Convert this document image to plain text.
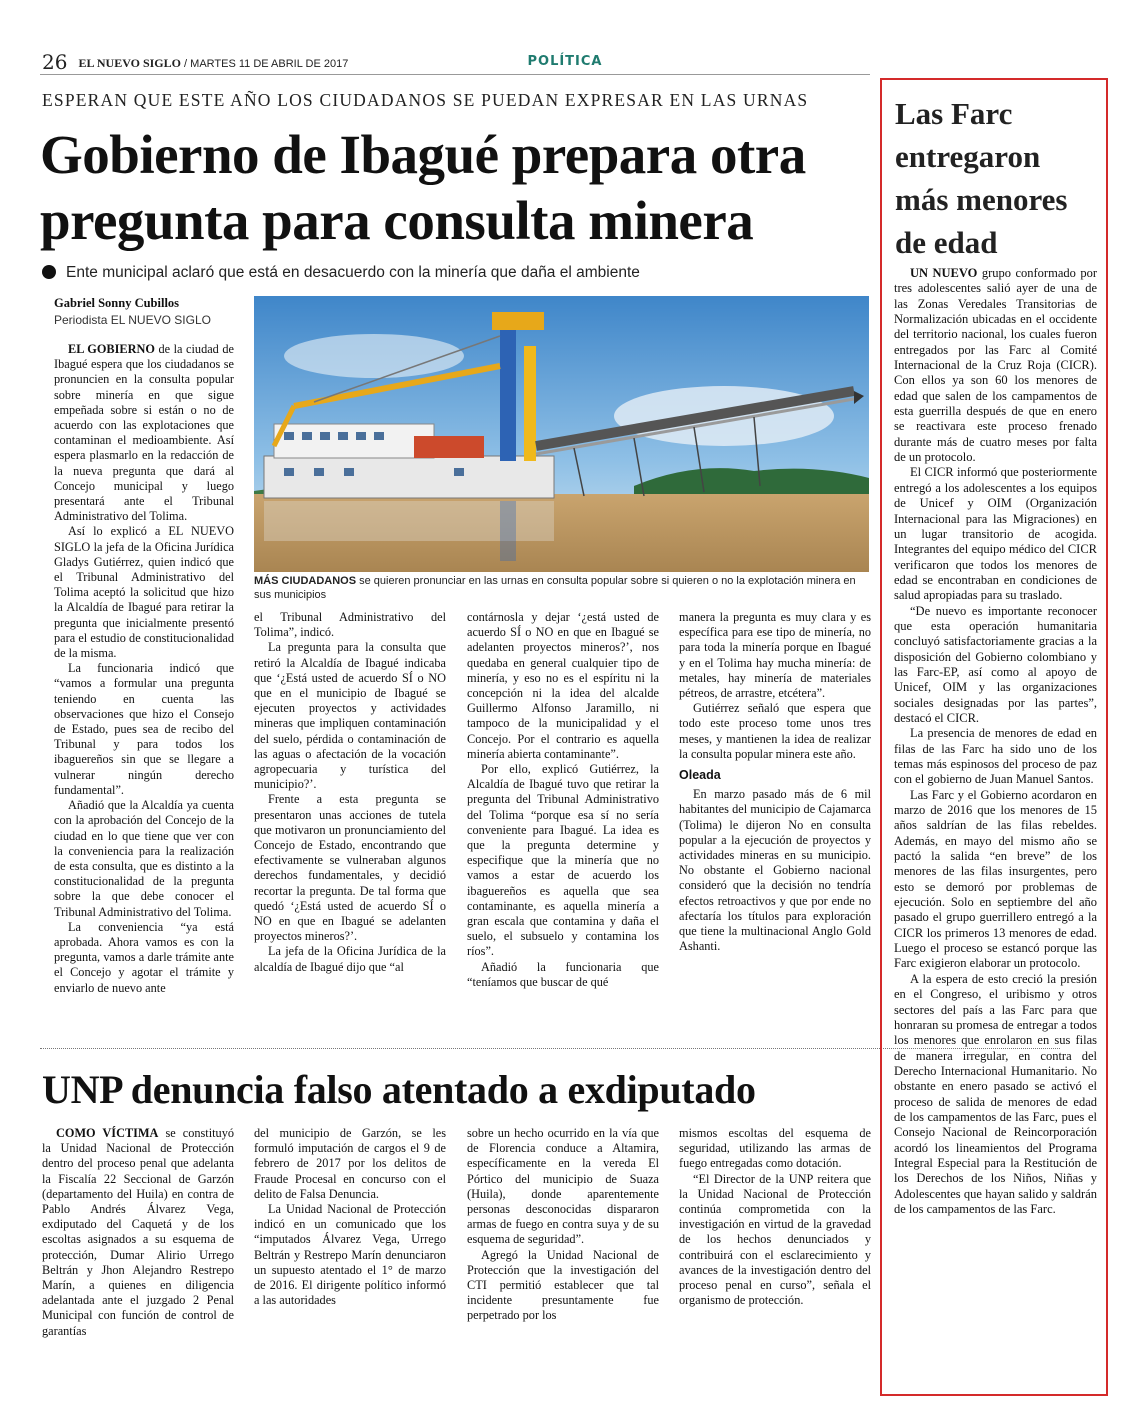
26 EL NUEVO SIGLO / MARTES 11 DE ABRIL DE 2017	POLÍTICA
ESPERAN QUE ESTE AÑO LOS CIUDADANOS SE PUEDAN EXPRESAR EN LAS URNAS
Gobierno de Ibagué prepara otra pregunta para consulta minera
Ente municipal aclaró que está en desacuerdo con la minería que daña el ambiente
Gabriel Sonny Cubillos
Periodista EL NUEVO SIGLO
MÁS CIUDADANOS se quieren pronunciar en las urnas en consulta popular sobre si quieren o no la explotación minera en sus municipios

EL GOBIERNO de la ciudad de Ibagué espera que los ciudadanos se pronuncien en la consulta popular sobre minería en que sigue empeñada sobre si están o no de acuerdo con las explotaciones que contaminan el medioambiente. Así espera plasmarlo en la redacción de la nueva pregunta que dará al Concejo municipal y luego presentará ante el Tribunal Administrativo del Tolima.

Así lo explicó a EL NUEVO SIGLO la jefa de la Oficina Jurídica Gladys Gutiérrez, quien indicó que el Tribunal Administrativo del Tolima aceptó la solicitud que hizo la Alcaldía de Ibagué para retirar la pregunta que inicialmente presentó para el estudio de constitucionalidad de la misma.

La funcionaria indicó que “vamos a formular una pregunta teniendo en cuenta las observaciones que hizo el Consejo de Estado, pues sea de recibo del Tribunal y para todos los ibaguereños sin que se llegare a vulnerar ningún derecho fundamental”.

Añadió que la Alcaldía ya cuenta con la aprobación del Concejo de la ciudad en lo que tiene que ver con la conveniencia para la realización de esta consulta, que es distinto a la constitucionalidad de la pregunta sobre la que debe conocer el Tribunal Administrativo del Tolima.

La conveniencia “ya está aprobada. Ahora vamos es con la pregunta, vamos a darle trámite ante el Concejo y agotar el trámite y enviarlo de nuevo ante

el Tribunal Administrativo del Tolima”, indicó.

La pregunta para la consulta que retiró la Alcaldía de Ibagué indicaba que ‘¿Está usted de acuerdo SÍ o NO que en el municipio de Ibagué se ejecuten proyectos y actividades mineras que impliquen contaminación del suelo, pérdida o contaminación de las aguas o afectación de la vocación agropecuaria y turística del municipio?’.

Frente a esta pregunta se presentaron unas acciones de tutela que motivaron un pronunciamiento del Concejo de Estado, encontrando que efectivamente se vulneraban algunos derechos fundamentales, y decidió recortar la pregunta. De tal forma que quedó ‘¿Está usted de acuerdo SÍ o NO en que en Ibagué se adelanten proyectos mineros?’.

La jefa de la Oficina Jurídica de la alcaldía de Ibagué dijo que “al

contárnosla y dejar ‘¿está usted de acuerdo SÍ o NO en que en Ibagué se adelanten proyectos mineros?’, nos quedaba en general cualquier tipo de minería, y eso no es el espíritu ni la concepción ni la idea del alcalde Guillermo Alfonso Jaramillo, ni tampoco de la municipalidad y el Concejo. Por el contrario es aquella minería abierta contaminante”.

Por ello, explicó Gutiérrez, la Alcaldía de Ibagué tuvo que retirar la pregunta del Tribunal Administrativo del Tolima “porque esa sí no sería conveniente para Ibagué. La idea es que la pregunta determine y especifique que la minería que no vamos a estar de acuerdo los ibaguereños es aquella que sea contaminante, es aquella minería a gran escala que contamina y daña el suelo, el subsuelo y contamina los ríos”.

Añadió la funcionaria que “teníamos que buscar de qué

manera la pregunta es muy clara y es específica para ese tipo de minería, no para toda la minería porque en Ibagué y en el Tolima hay mucha minería: de metales, hay minería de materiales pétreos, de arrastre, etcétera”.

Gutiérrez señaló que espera que todo este proceso tome unos tres meses, y mantienen la idea de realizar la consulta popular minera este año.

Oleada

En marzo pasado más de 6 mil habitantes del municipio de Cajamarca (Tolima) le dijeron No en consulta popular a la ejecución de proyectos y actividades mineras en su municipio. No obstante el Gobierno nacional consideró que la decisión no tendría efectos retroactivos y que por ende no afectaría los títulos para exploración que tiene la multinacional Anglo Gold Ashanti.

UNP denuncia falso atentado a exdiputado

COMO VÍCTIMA se constituyó la Unidad Nacional de Protección dentro del proceso penal que adelanta la Fiscalía 22 Seccional de Garzón (departamento del Huila) en contra de Pablo Andrés Álvarez Vega, exdiputado del Caquetá y de los escoltas asignados a su esquema de protección, Dumar Alirio Urrego Beltrán y Jhon Alejandro Restrepo Marín, a quienes en diligencia adelantada ante el juzgado 2 Penal Municipal con función de control de garantías

del municipio de Garzón, se les formuló imputación de cargos el 9 de febrero de 2017 por los delitos de Fraude Procesal en concurso con el delito de Falsa Denuncia.

La Unidad Nacional de Protección indicó en un comunicado que los “imputados Álvarez Vega, Urrego Beltrán y Restrepo Marín denunciaron un supuesto atentado el 1° de marzo de 2016. El dirigente político informó a las autoridades

sobre un hecho ocurrido en la vía que de Florencia conduce a Altamira, específicamente en la vereda El Pórtico del municipio de Suaza (Huila), donde aparentemente personas desconocidas dispararon armas de fuego en contra suya y de su esquema de seguridad”.

Agregó la Unidad Nacional de Protección que la investigación del CTI permitió establecer que tal incidente presuntamente fue perpetrado por los

mismos escoltas del esquema de seguridad, utilizando las armas de fuego entregadas como dotación.

“El Director de la UNP reitera que la Unidad Nacional de Protección continúa comprometida con la investigación en virtud de la gravedad de los hechos denunciados y contribuirá con el esclarecimiento y avances de la investigación dentro del proceso penal en curso”, señala el organismo de protección.

Las Farc entregaron más menores de edad

UN NUEVO grupo conformado por tres adolescentes salió ayer de una de las Zonas Veredales Transitorias de Normalización ubicadas en el occidente del territorio nacional, los cuales fueron entregados por las Farc al Comité Internacional de la Cruz Roja (CICR). Con ellos ya son 60 los menores de edad que salen de los campamentos de esta guerrilla después de que en enero se reactivara este proceso frenado durante más de cuatro meses por falta de un protocolo.

El CICR informó que posteriormente entregó a los adolescentes a los equipos de Unicef y OIM (Organización Internacional para las Migraciones) en un lugar transitorio de acogida. Integrantes del equipo médico del CICR verificaron que todos los menores de edad se encontraban en condiciones de salud apropiadas para su traslado.

“De nuevo es importante reconocer que esta operación humanitaria concluyó satisfactoriamente gracias a la disposición del Gobierno colombiano y las Farc-EP, así como al apoyo de Unicef, OIM y las organizaciones sociales designadas por las partes”, destacó el CICR.

La presencia de menores de edad en filas de las Farc ha sido uno de los temas más espinosos del proceso de paz con el gobierno de Juan Manuel Santos.

Las Farc y el Gobierno acordaron en marzo de 2016 que los menores de 15 años saldrían de las filas rebeldes. Además, en mayo del mismo año se pactó la salida “en breve” de los menores de las filas insurgentes, pero esto se demoró por problemas de ejecución. Solo en septiembre del año pasado el grupo guerrillero entregó a la CICR los primeros 13 menores de edad. Luego el proceso se estancó porque las Farc exigieron elaborar un protocolo.

A la espera de esto creció la presión en el Congreso, el uribismo y otros sectores del país a las Farc para que honraran su promesa de entregar a todos los menores que enrolaron en sus filas de manera irregular, en contra del Derecho Internacional Humanitario. No obstante en enero pasado se activó el proceso de salida de menores de edad de los campamentos de las Farc, pues el Consejo Nacional de Reincorporación acordó los lineamientos del Programa Integral Especial para la Restitución de los Derechos de los Niños, Niñas y Adolescentes que hayan salido y saldrán de los campamentos de las Farc.
